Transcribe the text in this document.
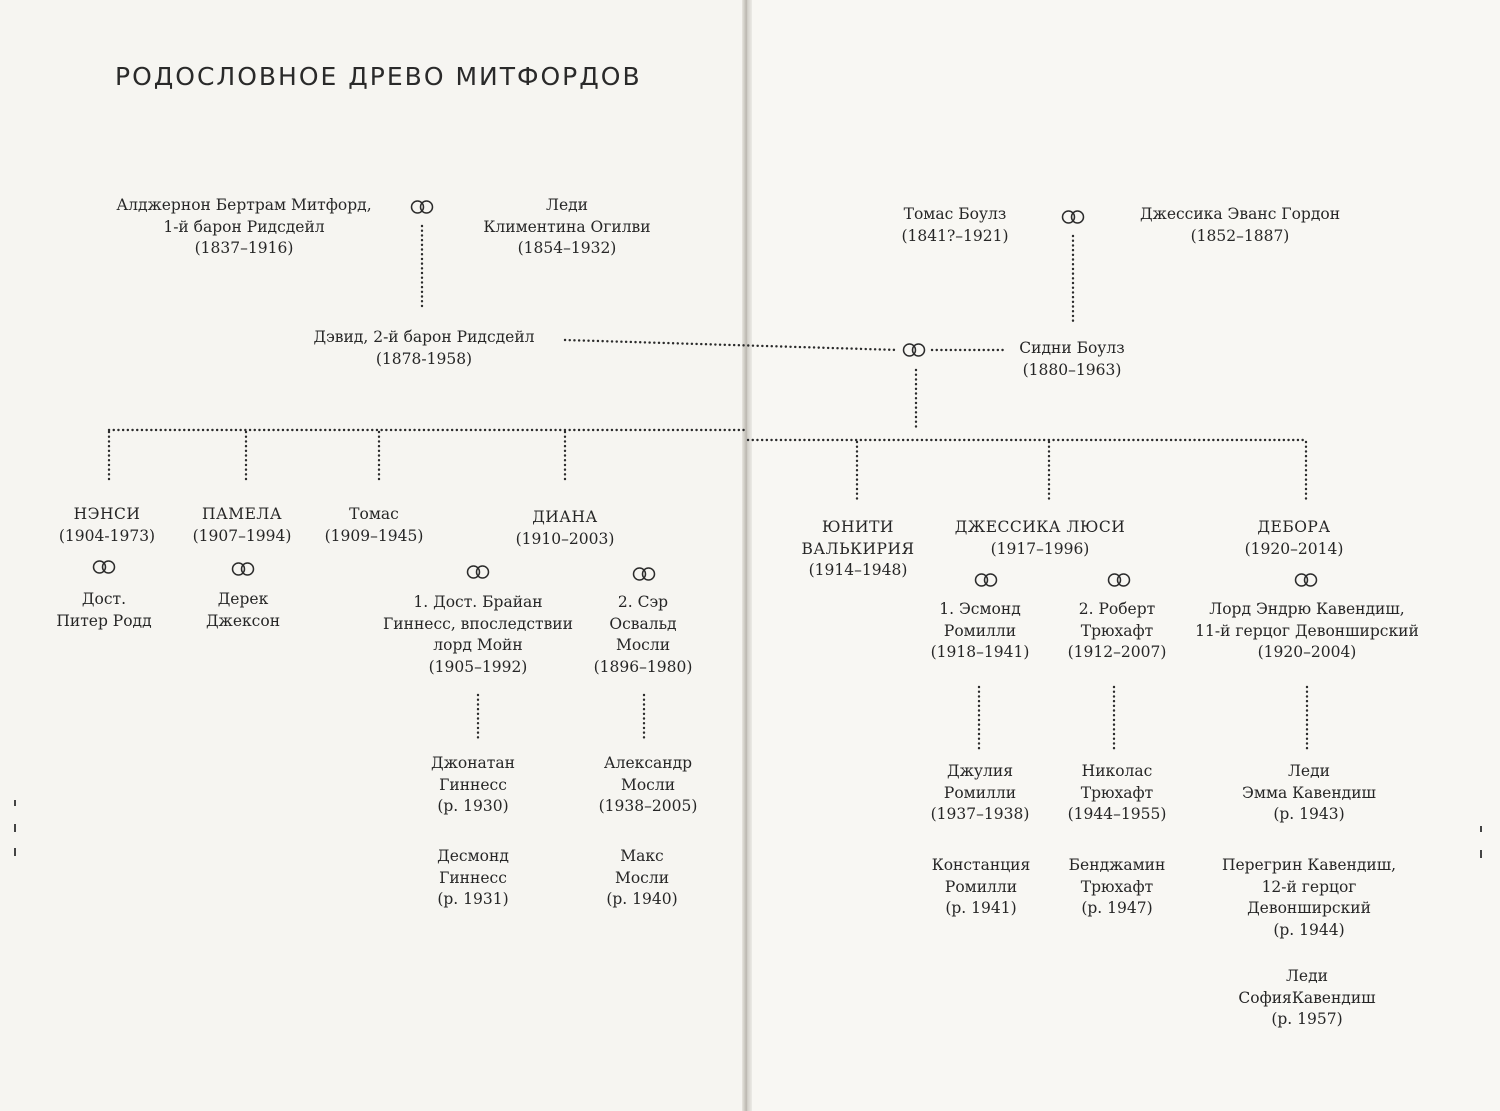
РОДОСЛОВНОЕ ДРЕВО МИТФОРДОВ
Алджернон Бертрам Митфорд,
1-й барон Ридсдейл
(1837–1916)
Леди
Климентина Огилви
(1854–1932)
Дэвид, 2-й барон Ридсдейл
(1878-1958)
Томас Боулз
(1841?–1921)
Джессика Эванс Гордон
(1852–1887)
Сидни Боулз
(1880–1963)
НЭНСИ
(1904-1973)
ПАМЕЛА
(1907–1994)
Томас
(1909–1945)
ДИАНА
(1910–2003)
ЮНИТИ
ВАЛЬКИРИЯ
(1914–1948)
ДЖЕССИКА ЛЮСИ
(1917–1996)
ДЕБОРА
(1920–2014)
Дост.
Питер Родд
Дерек
Джексон
1. Дост. Брайан
Гиннесс, впоследствии
лорд Мойн
(1905–1992)
2. Сэр
Освальд
Мосли
(1896–1980)
1. Эсмонд
Ромилли
(1918–1941)
2. Роберт
Трюхафт
(1912–2007)
Лорд Эндрю Кавендиш,
11-й герцог Девонширский
(1920–2004)
Джонатан
Гиннесс
(р. 1930)
Десмонд
Гиннесс
(р. 1931)
Александр
Мосли
(1938–2005)
Макс
Мосли
(р. 1940)
Джулия
Ромилли
(1937–1938)
Констанция
Ромилли
(р. 1941)
Николас
Трюхафт
(1944–1955)
Бенджамин
Трюхафт
(р. 1947)
Леди
Эмма Кавендиш
(р. 1943)
Перегрин Кавендиш,
12-й герцог
Девонширский
(р. 1944)
Леди
СофияКавендиш
(р. 1957)
